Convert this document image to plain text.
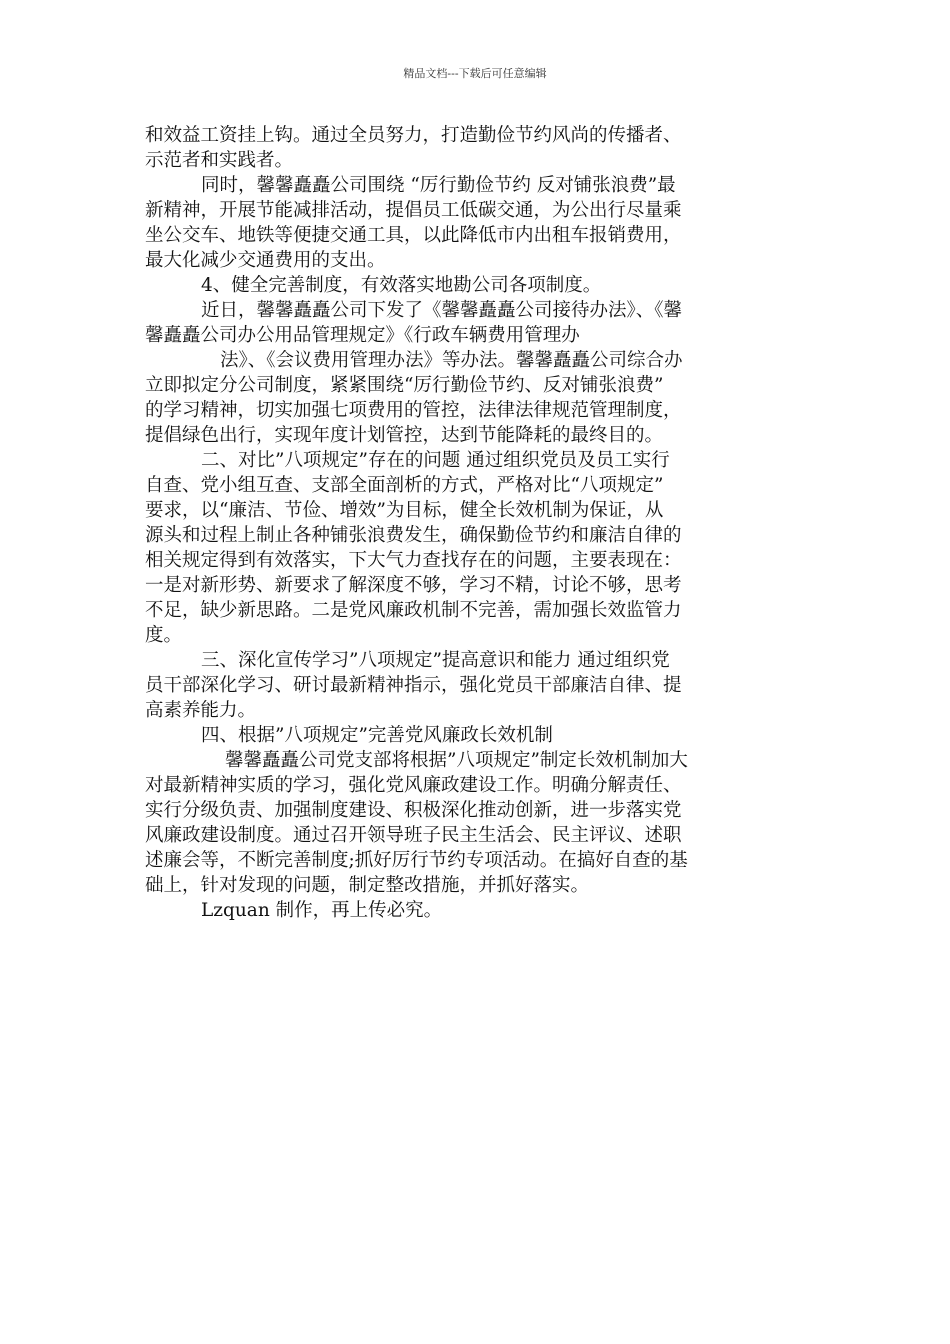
精品文档---下载后可任意编辑
和效益工资挂上钩。通过全员努力，打造勤俭节约风尚的传播者、
示范者和实践者。
同时，馨馨矗矗公司围绕 “厉行勤俭节约 反对铺张浪费”最
新精神，开展节能减排活动，提倡员工低碳交通，为公出行尽量乘
坐公交车、地铁等便捷交通工具，以此降低市内出租车报销费用，
最大化减少交通费用的支出。
4、健全完善制度，有效落实地勘公司各项制度。
近日，馨馨矗矗公司下发了《馨馨矗矗公司接待办法》、《馨
馨矗矗公司办公用品管理规定》《行政车辆费用管理办
法》、《会议费用管理办法》等办法。馨馨矗矗公司综合办
立即拟定分公司制度，紧紧围绕“厉行勤俭节约、反对铺张浪费”
的学习精神，切实加强七项费用的管控，法律法律规范管理制度，
提倡绿色出行，实现年度计划管控，达到节能降耗的最终目的。
二、对比”八项规定”存在的问题 通过组织党员及员工实行
自查、党小组互查、支部全面剖析的方式，严格对比“八项规定”
要求，以“廉洁、节俭、增效”为目标，健全长效机制为保证，从
源头和过程上制止各种铺张浪费发生，确保勤俭节约和廉洁自律的
相关规定得到有效落实，下大气力查找存在的问题，主要表现在：
一是对新形势、新要求了解深度不够，学习不精，讨论不够，思考
不足，缺少新思路。二是党风廉政机制不完善，需加强长效监管力
度。
三、深化宣传学习”八项规定”提高意识和能力 通过组织党
员干部深化学习、研讨最新精神指示，强化党员干部廉洁自律、提
高素养能力。
四、根据”八项规定”完善党风廉政长效机制
馨馨矗矗公司党支部将根据”八项规定”制定长效机制加大
对最新精神实质的学习，强化党风廉政建设工作。明确分解责任、
实行分级负责、加强制度建设、积极深化推动创新，进一步落实党
风廉政建设制度。通过召开领导班子民主生活会、民主评议、述职
述廉会等，不断完善制度;抓好厉行节约专项活动。在搞好自查的基
础上，针对发现的问题，制定整改措施，并抓好落实。
Lzquan 制作，再上传必究。
